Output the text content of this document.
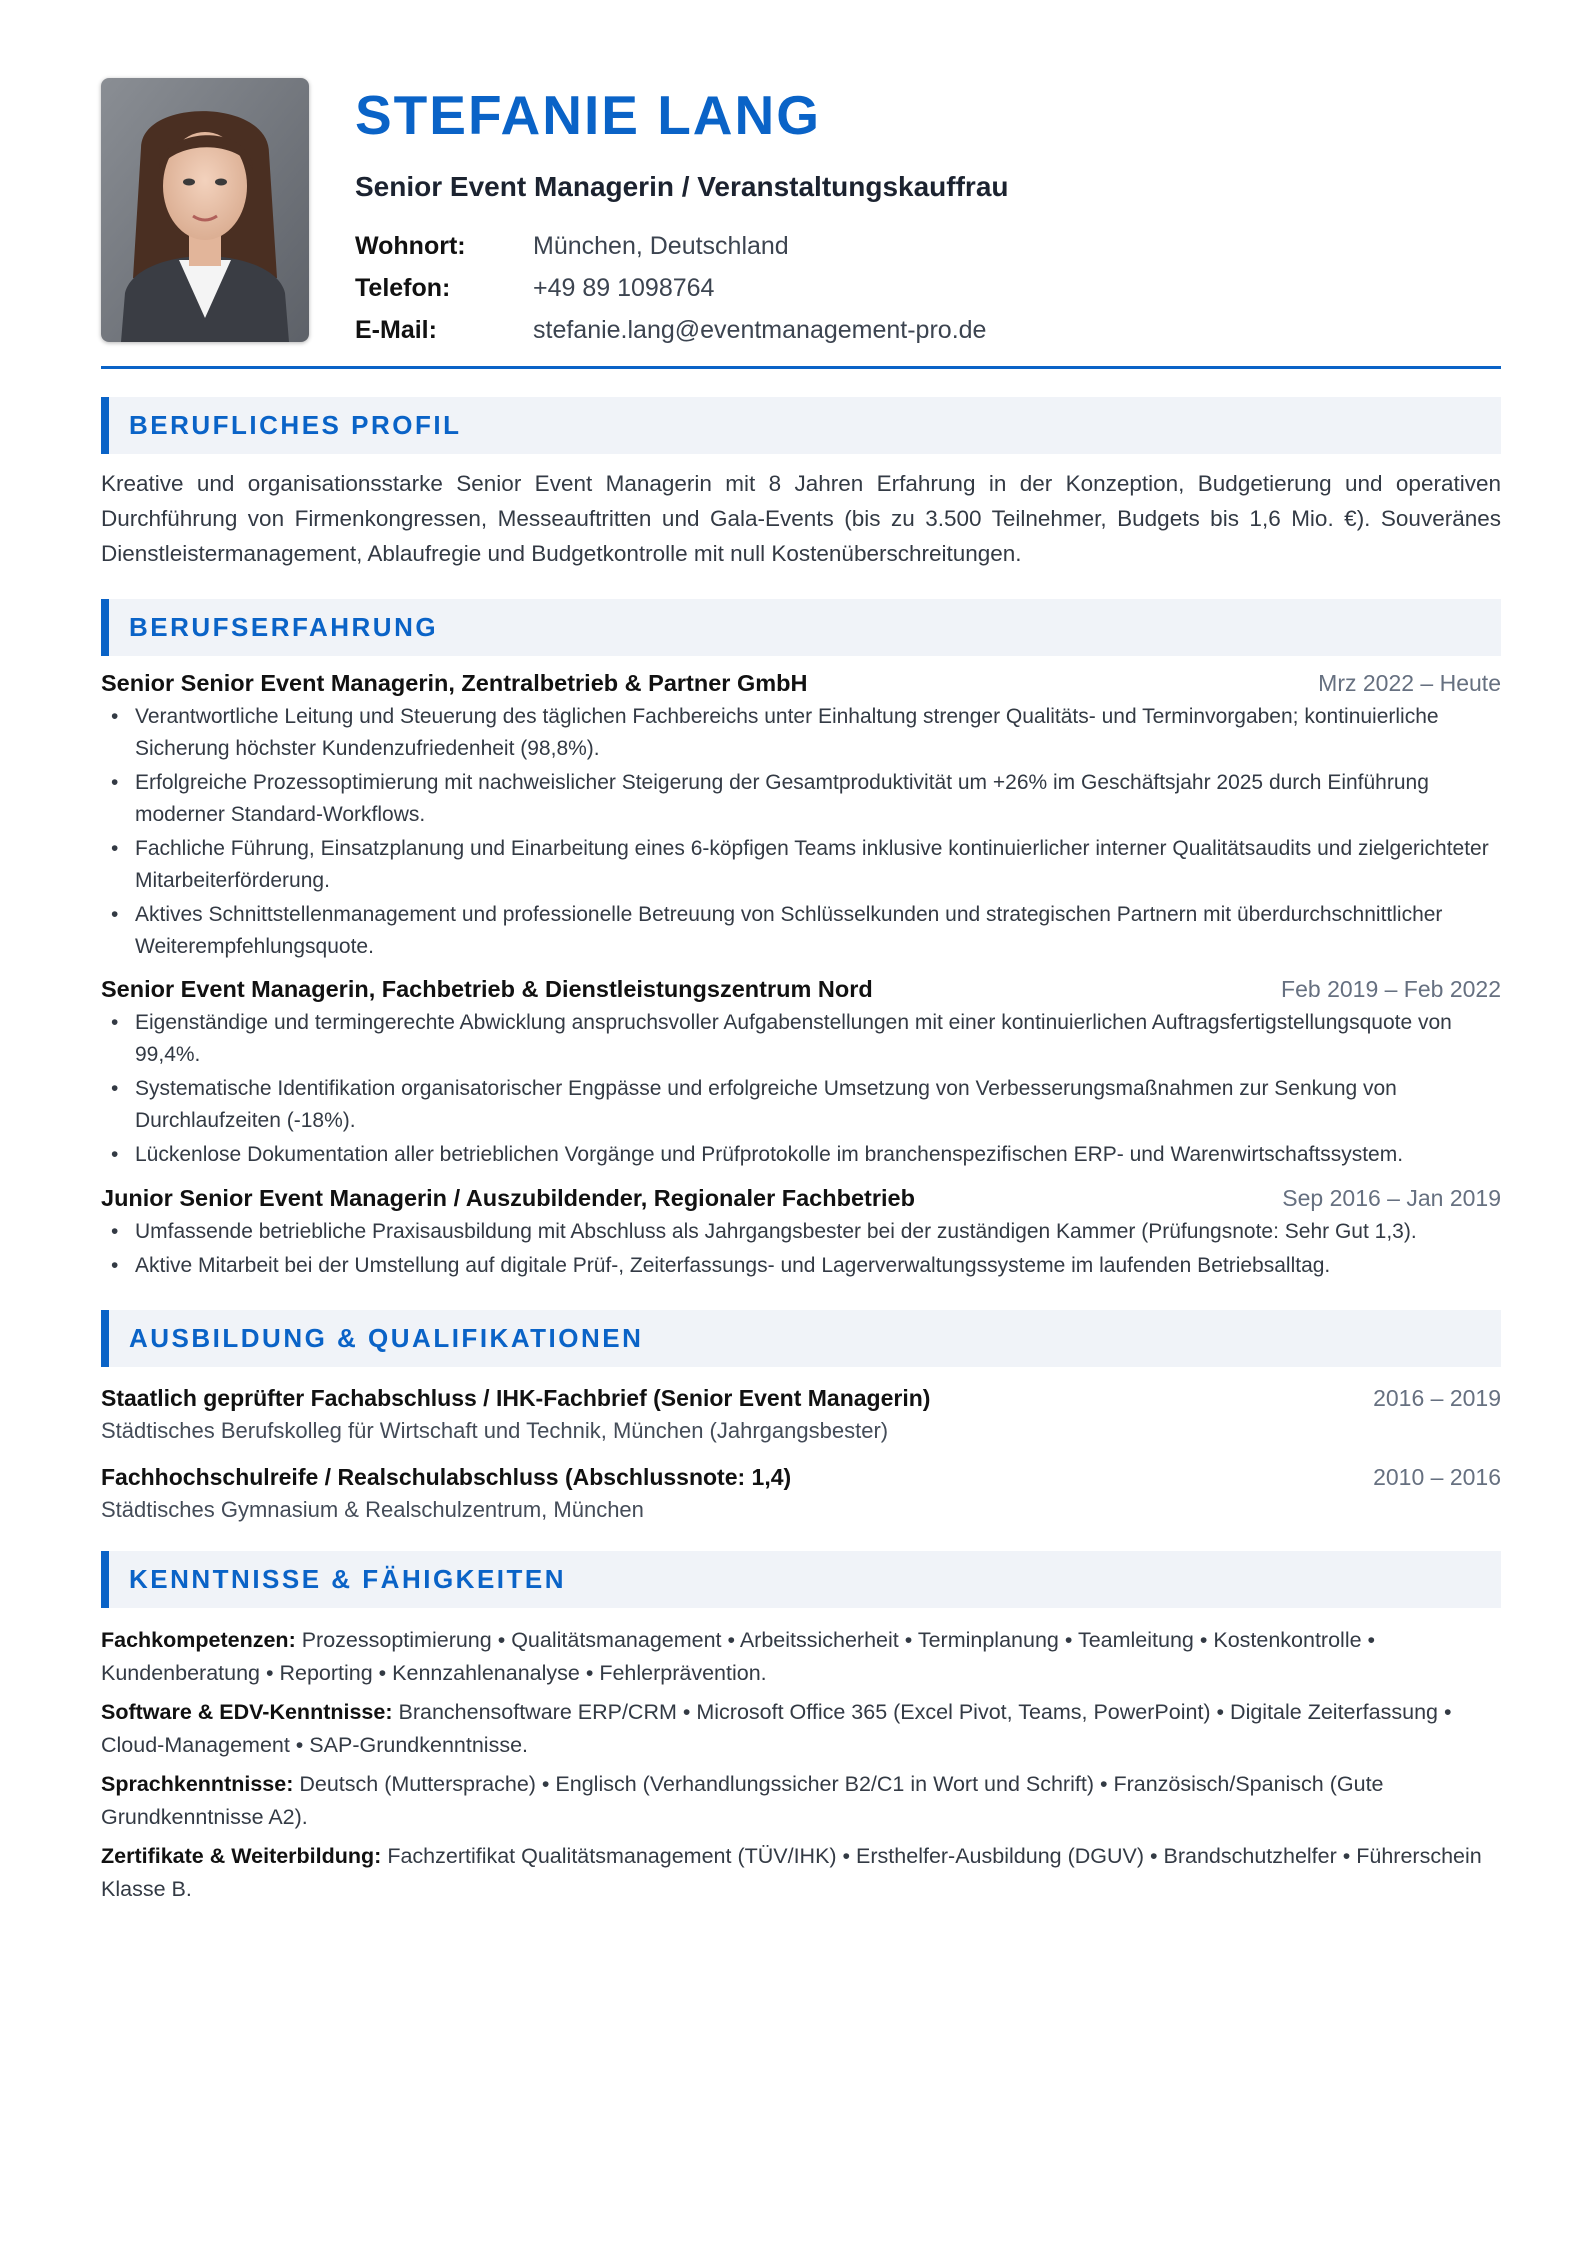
STEFANIE LANG
Senior Event Managerin / Veranstaltungskauffrau
Wohnort:	München, Deutschland
Telefon:	+49 89 1098764
E-Mail:	stefanie.lang@eventmanagement-pro.de
BERUFLICHES PROFIL

Kreative und organisationsstarke Senior Event Managerin mit 8 Jahren Erfahrung in der Konzeption, Budgetierung und operativen Durchführung von Firmenkongressen, Messeauftritten und Gala-Events (bis zu 3.500 Teilnehmer, Budgets bis 1,6 Mio. €). Souveränes Dienstleistermanagement, Ablaufregie und Budgetkontrolle mit null Kostenüberschreitungen.

BERUFSERFAHRUNG
Senior Senior Event Managerin, Zentralbetrieb & Partner GmbH	Mrz 2022 – Heute
• Verantwortliche Leitung und Steuerung des täglichen Fachbereichs unter Einhaltung strenger Qualitäts- und Terminvorgaben; kontinuierliche Sicherung höchster Kundenzufriedenheit (98,8%).
• Erfolgreiche Prozessoptimierung mit nachweislicher Steigerung der Gesamtproduktivität um +26% im Geschäftsjahr 2025 durch Einführung moderner Standard-Workflows.
• Fachliche Führung, Einsatzplanung und Einarbeitung eines 6-köpfigen Teams inklusive kontinuierlicher interner Qualitätsaudits und zielgerichteter Mitarbeiterförderung.
• Aktives Schnittstellenmanagement und professionelle Betreuung von Schlüsselkunden und strategischen Partnern mit überdurchschnittlicher Weiterempfehlungsquote.
Senior Event Managerin, Fachbetrieb & Dienstleistungszentrum Nord	Feb 2019 – Feb 2022
• Eigenständige und termingerechte Abwicklung anspruchsvoller Aufgabenstellungen mit einer kontinuierlichen Auftragsfertigstellungsquote von 99,4%.
• Systematische Identifikation organisatorischer Engpässe und erfolgreiche Umsetzung von Verbesserungsmaßnahmen zur Senkung von Durchlaufzeiten (-18%).
• Lückenlose Dokumentation aller betrieblichen Vorgänge und Prüfprotokolle im branchenspezifischen ERP- und Warenwirtschaftssystem.
Junior Senior Event Managerin / Auszubildender, Regionaler Fachbetrieb	Sep 2016 – Jan 2019
• Umfassende betriebliche Praxisausbildung mit Abschluss als Jahrgangsbester bei der zuständigen Kammer (Prüfungsnote: Sehr Gut 1,3).
• Aktive Mitarbeit bei der Umstellung auf digitale Prüf-, Zeiterfassungs- und Lagerverwaltungssysteme im laufenden Betriebsalltag.
AUSBILDUNG & QUALIFIKATIONEN
Staatlich geprüfter Fachabschluss / IHK-Fachbrief (Senior Event Managerin)	2016 – 2019
Städtisches Berufskolleg für Wirtschaft und Technik, München (Jahrgangsbester)
Fachhochschulreife / Realschulabschluss (Abschlussnote: 1,4)	2010 – 2016
Städtisches Gymnasium & Realschulzentrum, München
KENNTNISSE & FÄHIGKEITEN

Fachkompetenzen: Prozessoptimierung • Qualitätsmanagement • Arbeitssicherheit • Terminplanung • Teamleitung • Kostenkontrolle • Kundenberatung • Reporting • Kennzahlenanalyse • Fehlerprävention.

Software & EDV-Kenntnisse: Branchensoftware ERP/CRM • Microsoft Office 365 (Excel Pivot, Teams, PowerPoint) • Digitale Zeiterfassung • Cloud-Management • SAP-Grundkenntnisse.

Sprachkenntnisse: Deutsch (Muttersprache) • Englisch (Verhandlungssicher B2/C1 in Wort und Schrift) • Französisch/Spanisch (Gute Grundkenntnisse A2).

Zertifikate & Weiterbildung: Fachzertifikat Qualitätsmanagement (TÜV/IHK) • Ersthelfer-Ausbildung (DGUV) • Brandschutzhelfer • Führerschein Klasse B.
